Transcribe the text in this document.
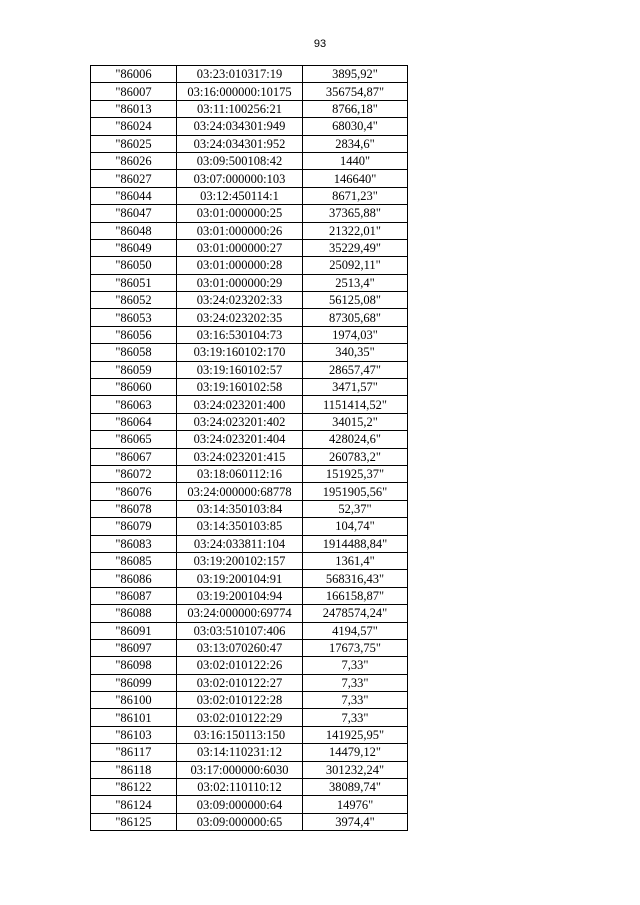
93
"86006	03:23:010317:19	3895,92"
"86007	03:16:000000:10175	356754,87"
"86013	03:11:100256:21	8766,18"
"86024	03:24:034301:949	68030,4"
"86025	03:24:034301:952	2834,6"
"86026	03:09:500108:42	1440"
"86027	03:07:000000:103	146640"
"86044	03:12:450114:1	8671,23"
"86047	03:01:000000:25	37365,88"
"86048	03:01:000000:26	21322,01"
"86049	03:01:000000:27	35229,49"
"86050	03:01:000000:28	25092,11"
"86051	03:01:000000:29	2513,4"
"86052	03:24:023202:33	56125,08"
"86053	03:24:023202:35	87305,68"
"86056	03:16:530104:73	1974,03"
"86058	03:19:160102:170	340,35"
"86059	03:19:160102:57	28657,47"
"86060	03:19:160102:58	3471,57"
"86063	03:24:023201:400	1151414,52"
"86064	03:24:023201:402	34015,2"
"86065	03:24:023201:404	428024,6"
"86067	03:24:023201:415	260783,2"
"86072	03:18:060112:16	151925,37"
"86076	03:24:000000:68778	1951905,56"
"86078	03:14:350103:84	52,37"
"86079	03:14:350103:85	104,74"
"86083	03:24:033811:104	1914488,84"
"86085	03:19:200102:157	1361,4"
"86086	03:19:200104:91	568316,43"
"86087	03:19:200104:94	166158,87"
"86088	03:24:000000:69774	2478574,24"
"86091	03:03:510107:406	4194,57"
"86097	03:13:070260:47	17673,75"
"86098	03:02:010122:26	7,33"
"86099	03:02:010122:27	7,33"
"86100	03:02:010122:28	7,33"
"86101	03:02:010122:29	7,33"
"86103	03:16:150113:150	141925,95"
"86117	03:14:110231:12	14479,12"
"86118	03:17:000000:6030	301232,24"
"86122	03:02:110110:12	38089,74"
"86124	03:09:000000:64	14976"
"86125	03:09:000000:65	3974,4"
